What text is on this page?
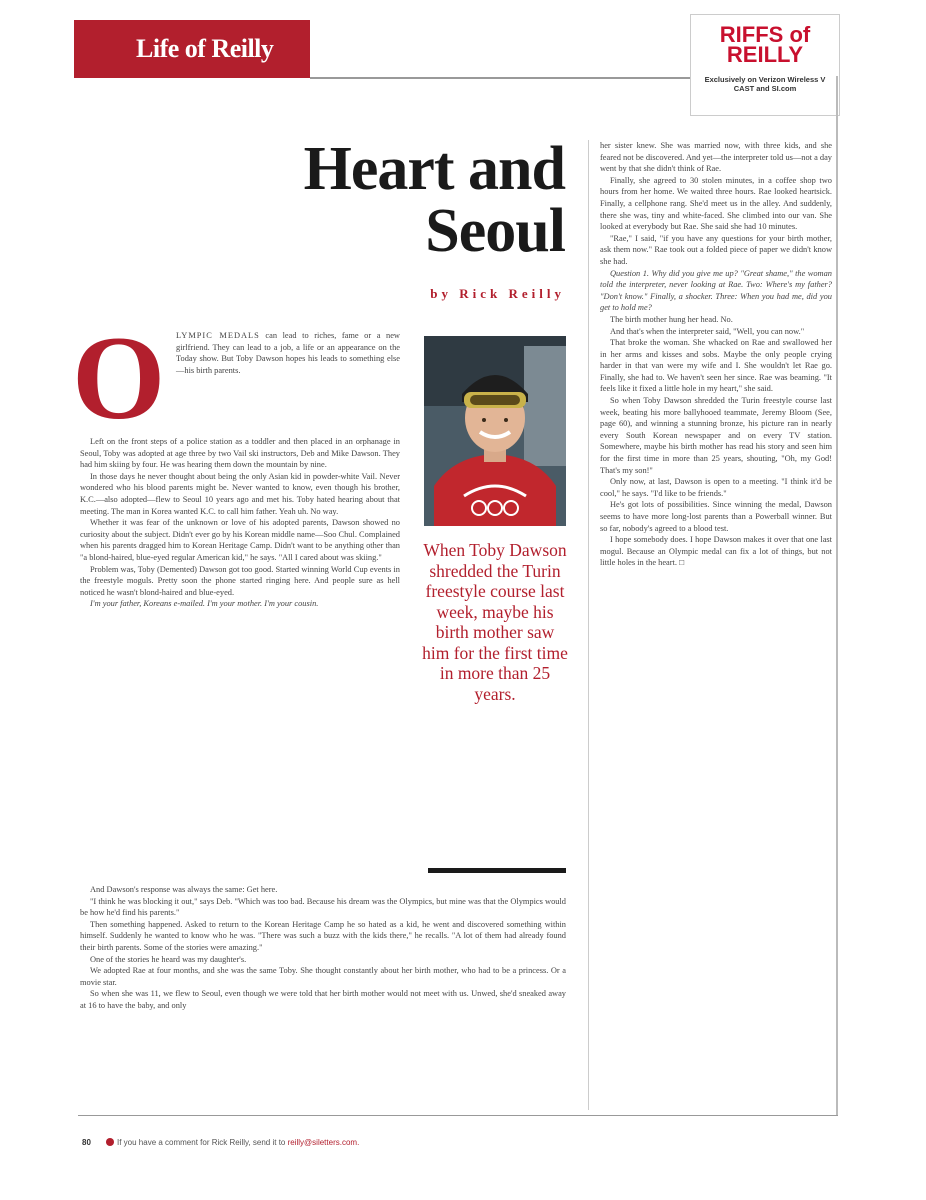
Life of Reilly	RIFFS of REILLY
Exclusively on Verizon Wireless V CAST and SI.com
Heart and
Seoul
by Rick Reilly
O LYMPIC MEDALS can lead to riches, fame or a new girlfriend. They can lead to a job, a life or an appearance on the Today show. But Toby Dawson hopes his leads to something else—his birth parents.

Left on the front steps of a police station as a toddler and then placed in an orphanage in Seoul, Toby was adopted at age three by two Vail ski instructors, Deb and Mike Dawson. They had him skiing by four. He was hearing them down the mountain by nine.

In those days he never thought about being the only Asian kid in powder-white Vail. Never wondered who his blood parents might be. Never wanted to know, even though his brother, K.C.—also adopted—flew to Seoul 10 years ago and met his. Toby hated hearing about that meeting. The man in Korea wanted K.C. to call him father. Yeah uh. No way.

Whether it was fear of the unknown or love of his adopted parents, Dawson showed no curiosity about the subject. Didn't ever go by his Korean middle name—Soo Chul. Complained when his parents dragged him to Korean Heritage Camp. Didn't want to be anything other than "a blond-haired, blue-eyed regular American kid," he says. "All I cared about was skiing."

Problem was, Toby (Demented) Dawson got too good. Started winning World Cup events in the freestyle moguls. Pretty soon the phone started ringing here. And people sure as hell noticed he wasn't blond-haired and blue-eyed.

I'm your father, Koreans e-mailed. I'm your mother. I'm your cousin.

And Dawson's response was always the same: Get here.

"I think he was blocking it out," says Deb. "Which was too bad. Because his dream was the Olympics, but mine was that the Olympics would be how he'd find his parents."

Then something happened. Asked to return to the Korean Heritage Camp he so hated as a kid, he went and discovered something within himself. Suddenly he wanted to know who he was. "There was such a buzz with the kids there," he recalls. "A lot of them had already found their birth parents. Some of the stories were amazing."

One of the stories he heard was my daughter's.

We adopted Rae at four months, and she was the same Toby. She thought constantly about her birth mother, who had to be a princess. Or a movie star.

So when she was 11, we flew to Seoul, even though we were told that her birth mother would not meet with us. Unwed, she'd sneaked away at 16 to have the baby, and only

her sister knew. She was married now, with three kids, and she feared not be discovered. And yet—the interpreter told us—not a day went by that she didn't think of Rae.

Finally, she agreed to 30 stolen minutes, in a coffee shop two hours from her home. We waited three hours. Rae looked heartsick. Finally, a cellphone rang. She'd meet us in the alley. And suddenly, there she was, tiny and white-faced. She climbed into our van. She looked at everybody but Rae. She said she had 10 minutes.

"Rae," I said, "if you have any questions for your birth mother, ask them now." Rae took out a folded piece of paper we didn't know she had.

Question 1. Why did you give me up? "Great shame," the woman told the interpreter, never looking at Rae. Two: Where's my father? "Don't know." Finally, a shocker. Three: When you had me, did you get to hold me?

The birth mother hung her head. No.

And that's when the interpreter said, "Well, you can now."

That broke the woman. She whacked on Rae and swallowed her in her arms and kisses and sobs. Maybe the only people crying harder in that van were my wife and I. She wouldn't let Rae go. Finally, she had to. We haven't seen her since. Rae was beaming. "It feels like it fixed a little hole in my heart," she said.

So when Toby Dawson shredded the Turin freestyle course last week, beating his more ballyhooed teammate, Jeremy Bloom (See, page 60), and winning a stunning bronze, his picture ran in nearly every South Korean newspaper and on every TV station. Somewhere, maybe his birth mother has read his story and seen him for the first time in more than 25 years, shouting, "Oh, my God! That's my son!"

Only now, at last, Dawson is open to a meeting. "I think it'd be cool," he says. "I'd like to be friends."

He's got lots of possibilities. Since winning the medal, Dawson seems to have more long-lost parents than a Powerball winner. But so far, nobody's agreed to a blood test.

I hope somebody does. I hope Dawson makes it over that one last mogul. Because an Olympic medal can fix a lot of things, but not little holes in the heart. □

When Toby Dawson shredded the Turin freestyle course last week, maybe his birth mother saw him for the first time in more than 25 years.
80	If you have a comment for Rick Reilly, send it to reilly@siletters.com.
